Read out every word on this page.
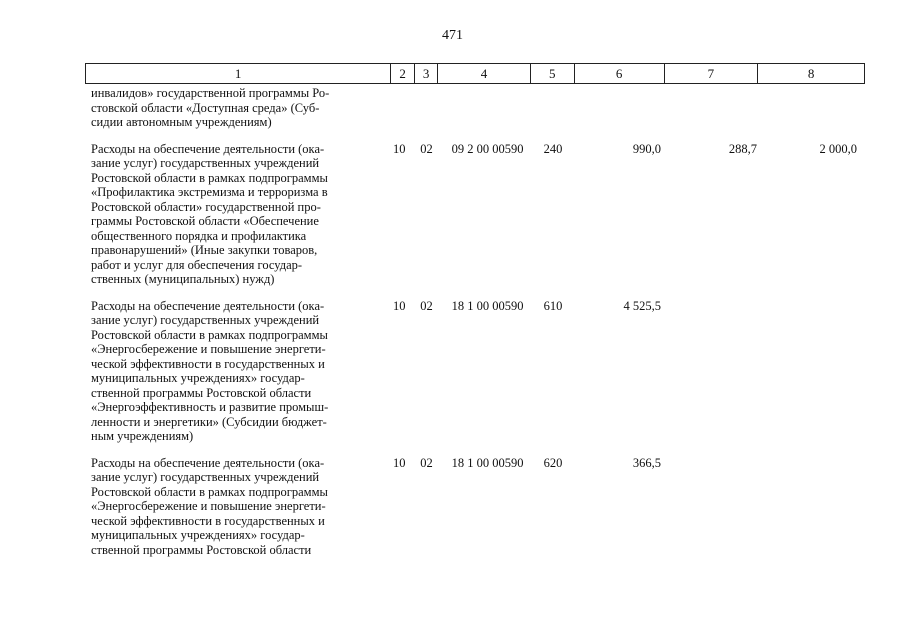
471
1	2	3	4	5	6	7	8
инвалидов» государственной программы Ро-
стовской области «Доступная среда» (Суб-
сидии автономным учреждениям)
Расходы на обеспечение деятельности (ока-
зание услуг) государственных учреждений
Ростовской области в рамках подпрограммы
«Профилактика экстремизма и терроризма в
Ростовской области» государственной про-
граммы Ростовской области «Обеспечение
общественного порядка и профилактика
правонарушений» (Иные закупки товаров,
работ и услуг для обеспечения государ-
ственных (муниципальных) нужд)
10	02	09 2 00 00590	240	990,0	288,7	2 000,0
Расходы на обеспечение деятельности (ока-
зание услуг) государственных учреждений
Ростовской области в рамках подпрограммы
«Энергосбережение и повышение энергети-
ческой эффективности в государственных и
муниципальных учреждениях» государ-
ственной программы Ростовской области
«Энергоэффективность и развитие промыш-
ленности и энергетики» (Субсидии бюджет-
ным учреждениям)
10	02	18 1 00 00590	610	4 525,5
Расходы на обеспечение деятельности (ока-
зание услуг) государственных учреждений
Ростовской области в рамках подпрограммы
«Энергосбережение и повышение энергети-
ческой эффективности в государственных и
муниципальных учреждениях» государ-
ственной программы Ростовской области
10	02	18 1 00 00590	620	366,5
